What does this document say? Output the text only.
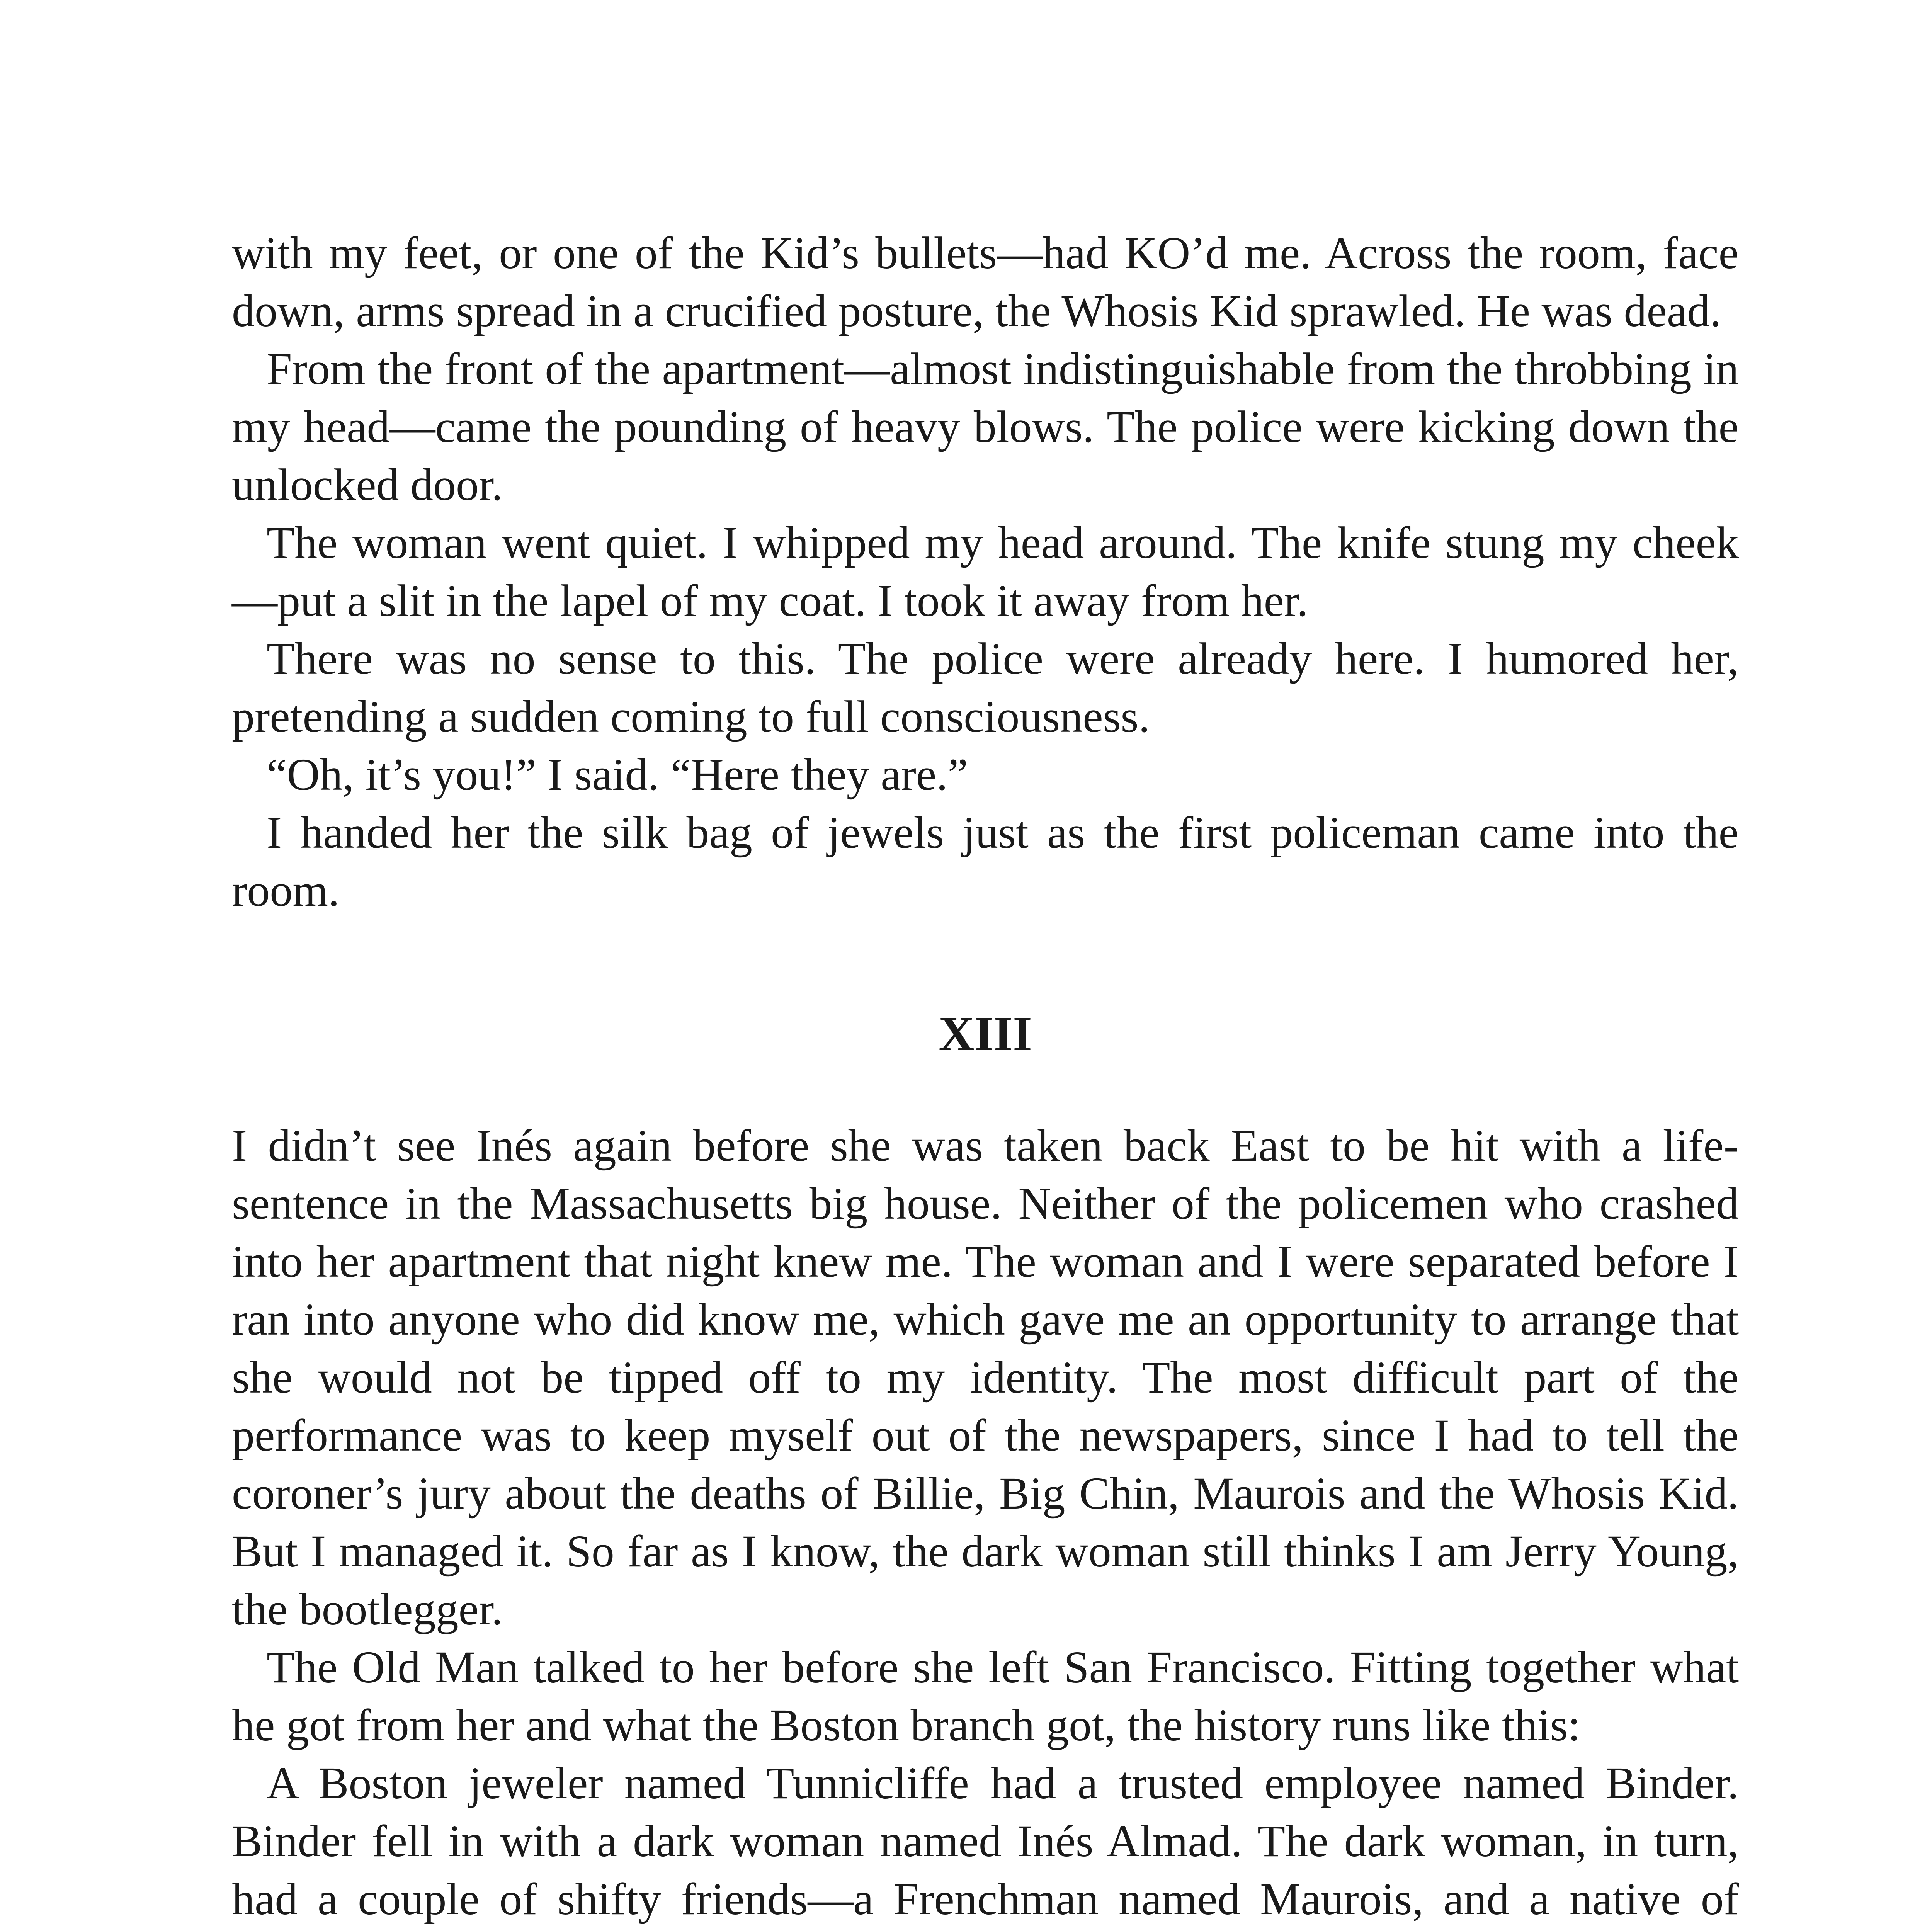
with my feet, or one of the Kid’s bullets—had KO’d me. Across the room, face down, arms spread in a crucified posture, the Whosis Kid sprawled. He was dead.

From the front of the apartment—almost indistinguishable from the throbbing in my head—came the pounding of heavy blows. The police were kicking down the unlocked door.

The woman went quiet. I whipped my head around. The knife stung my cheek —put a slit in the lapel of my coat. I took it away from her.

There was no sense to this. The police were already here. I humored her, pretending a sudden coming to full consciousness.

“Oh, it’s you!” I said. “Here they are.”

I handed her the silk bag of jewels just as the first policeman came into the room.

XIII

I didn’t see Inés again before she was taken back East to be hit with a life-sentence in the Massachusetts big house. Neither of the policemen who crashed into her apartment that night knew me. The woman and I were separated before I ran into anyone who did know me, which gave me an opportunity to arrange that she would not be tipped off to my identity. The most difficult part of the performance was to keep myself out of the newspapers, since I had to tell the coroner’s jury about the deaths of Billie, Big Chin, Maurois and the Whosis Kid. But I managed it. So far as I know, the dark woman still thinks I am Jerry Young, the bootlegger.

The Old Man talked to her before she left San Francisco. Fitting together what he got from her and what the Boston branch got, the history runs like this:

A Boston jeweler named Tunnicliffe had a trusted employee named Binder. Binder fell in with a dark woman named Inés Almad. The dark woman, in turn, had a couple of shifty friends—a Frenchman named Maurois, and a native of
